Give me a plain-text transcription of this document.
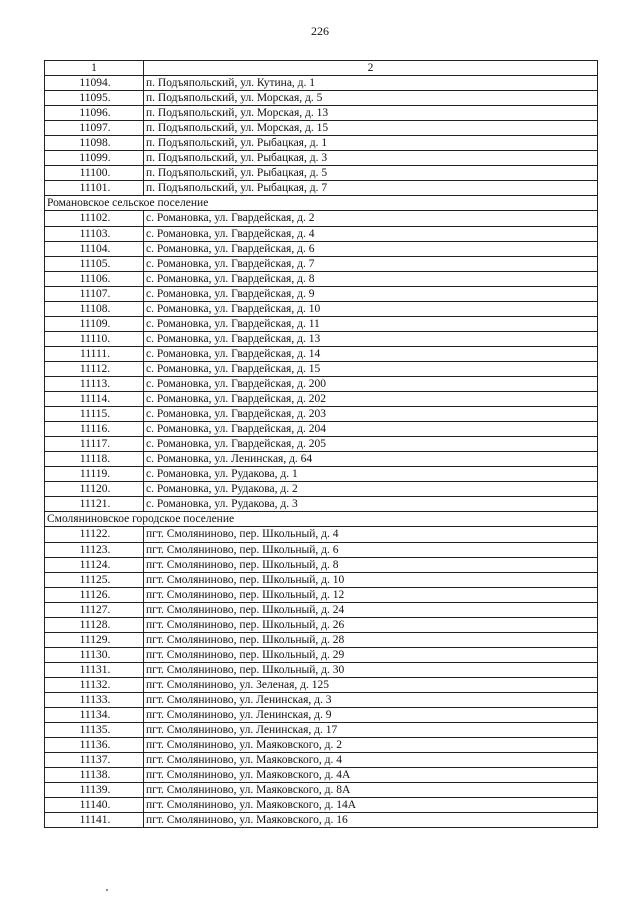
226
1	2
11094.	п. Подъяпольский, ул. Кутина, д. 1
11095.	п. Подъяпольский, ул. Морская, д. 5
11096.	п. Подъяпольский, ул. Морская, д. 13
11097.	п. Подъяпольский, ул. Морская, д. 15
11098.	п. Подъяпольский, ул. Рыбацкая, д. 1
11099.	п. Подъяпольский, ул. Рыбацкая, д. 3
11100.	п. Подъяпольский, ул. Рыбацкая, д. 5
11101.	п. Подъяпольский, ул. Рыбацкая, д. 7
Романовское сельское поселение	
11102.	с. Романовка, ул. Гвардейская, д. 2
11103.	с. Романовка, ул. Гвардейская, д. 4
11104.	с. Романовка, ул. Гвардейская, д. 6
11105.	с. Романовка, ул. Гвардейская, д. 7
11106.	с. Романовка, ул. Гвардейская, д. 8
11107.	с. Романовка, ул. Гвардейская, д. 9
11108.	с. Романовка, ул. Гвардейская, д. 10
11109.	с. Романовка, ул. Гвардейская, д. 11
11110.	с. Романовка, ул. Гвардейская, д. 13
11111.	с. Романовка, ул. Гвардейская, д. 14
11112.	с. Романовка, ул. Гвардейская, д. 15
11113.	с. Романовка, ул. Гвардейская, д. 200
11114.	с. Романовка, ул. Гвардейская, д. 202
11115.	с. Романовка, ул. Гвардейская, д. 203
11116.	с. Романовка, ул. Гвардейская, д. 204
11117.	с. Романовка, ул. Гвардейская, д. 205
11118.	с. Романовка, ул. Ленинская, д. 64
11119.	с. Романовка, ул. Рудакова, д. 1
11120.	с. Романовка, ул. Рудакова, д. 2
11121.	с. Романовка, ул. Рудакова, д. 3
Смоляниновское городское поселение	
11122.	пгт. Смоляниново, пер. Школьный, д. 4
11123.	пгт. Смоляниново, пер. Школьный, д. 6
11124.	пгт. Смоляниново, пер. Школьный, д. 8
11125.	пгт. Смоляниново, пер. Школьный, д. 10
11126.	пгт. Смоляниново, пер. Школьный, д. 12
11127.	пгт. Смоляниново, пер. Школьный, д. 24
11128.	пгт. Смоляниново, пер. Школьный, д. 26
11129.	пгт. Смоляниново, пер. Школьный, д. 28
11130.	пгт. Смоляниново, пер. Школьный, д. 29
11131.	пгт. Смоляниново, пер. Школьный, д. 30
11132.	пгт. Смоляниново, ул. Зеленая, д. 125
11133.	пгт. Смоляниново, ул. Ленинская, д. 3
11134.	пгт. Смоляниново, ул. Ленинская, д. 9
11135.	пгт. Смоляниново, ул. Ленинская, д. 17
11136.	пгт. Смоляниново, ул. Маяковского, д. 2
11137.	пгт. Смоляниново, ул. Маяковского, д. 4
11138.	пгт. Смоляниново, ул. Маяковского, д. 4А
11139.	пгт. Смоляниново, ул. Маяковского, д. 8А
11140.	пгт. Смоляниново, ул. Маяковского, д. 14А
11141.	пгт. Смоляниново, ул. Маяковского, д. 16
